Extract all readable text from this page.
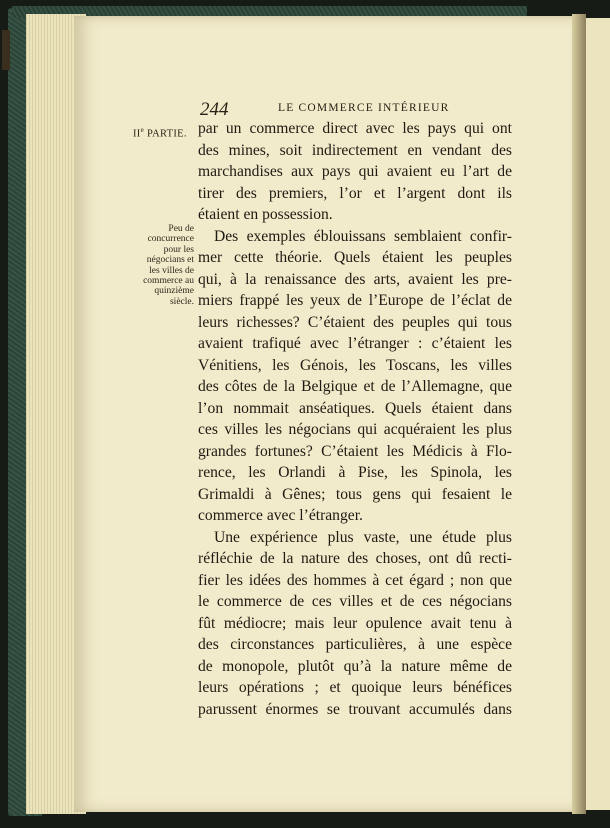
244	LE COMMERCE INTÉRIEUR
IIe PARTIE.
Peu de
concurrence
pour les
négocians et
les villes de
commerce au
quinzième
siècle.
par un commerce direct avec les pays qui ont
des mines, soit indirectement en vendant des
marchandises aux pays qui avaient eu l’art de
tirer des premiers, l’or et l’argent dont ils
étaient en possession.
Des exemples éblouissans semblaient confir-
mer cette théorie. Quels étaient les peuples
qui, à la renaissance des arts, avaient les pre-
miers frappé les yeux de l’Europe de l’éclat de
leurs richesses? C’étaient des peuples qui tous
avaient trafiqué avec l’étranger : c’étaient les
Vénitiens, les Génois, les Toscans, les villes
des côtes de la Belgique et de l’Allemagne, que
l’on nommait anséatiques. Quels étaient dans
ces villes les négocians qui acquéraient les plus
grandes fortunes? C’étaient les Médicis à Flo-
rence, les Orlandi à Pise, les Spinola, les
Grimaldi à Gênes; tous gens qui fesaient le
commerce avec l’étranger.
Une expérience plus vaste, une étude plus
réfléchie de la nature des choses, ont dû recti-
fier les idées des hommes à cet égard ; non que
le commerce de ces villes et de ces négocians
fût médiocre; mais leur opulence avait tenu à
des circonstances particulières, à une espèce
de monopole, plutôt qu’à la nature même de
leurs opérations ; et quoique leurs bénéfices
parussent énormes se trouvant accumulés dans
